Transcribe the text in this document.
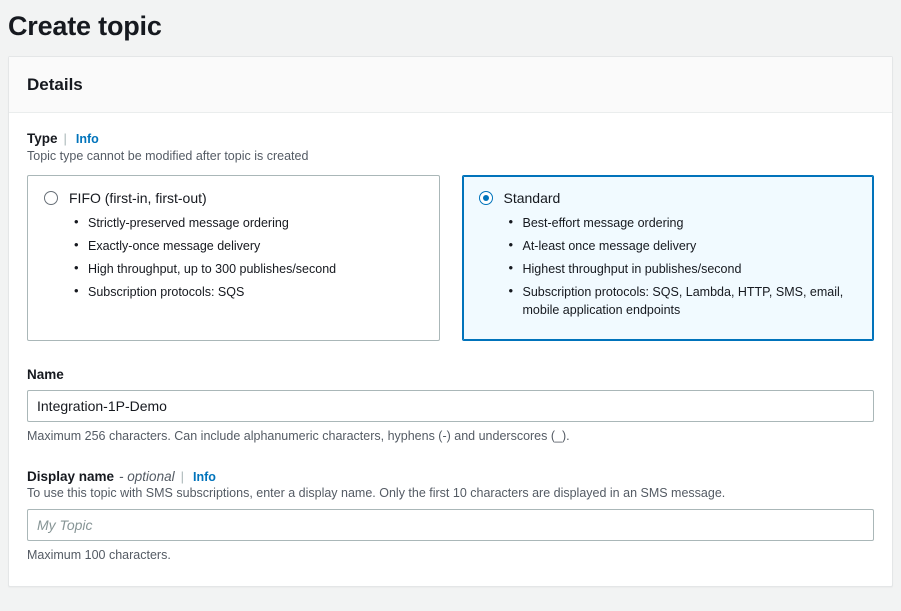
Create topic
Details
Type | Info
Topic type cannot be modified after topic is created
FIFO (first-in, first-out)
• Strictly-preserved message ordering
• Exactly-once message delivery
• High throughput, up to 300 publishes/second
• Subscription protocols: SQS
Standard
• Best-effort message ordering
• At-least once message delivery
• Highest throughput in publishes/second
• Subscription protocols: SQS, Lambda, HTTP, SMS, email, mobile application endpoints
Name
Integration-1P-Demo
Maximum 256 characters. Can include alphanumeric characters, hyphens (-) and underscores (_).
Display name - optional | Info
To use this topic with SMS subscriptions, enter a display name. Only the first 10 characters are displayed in an SMS message.
My Topic
Maximum 100 characters.
